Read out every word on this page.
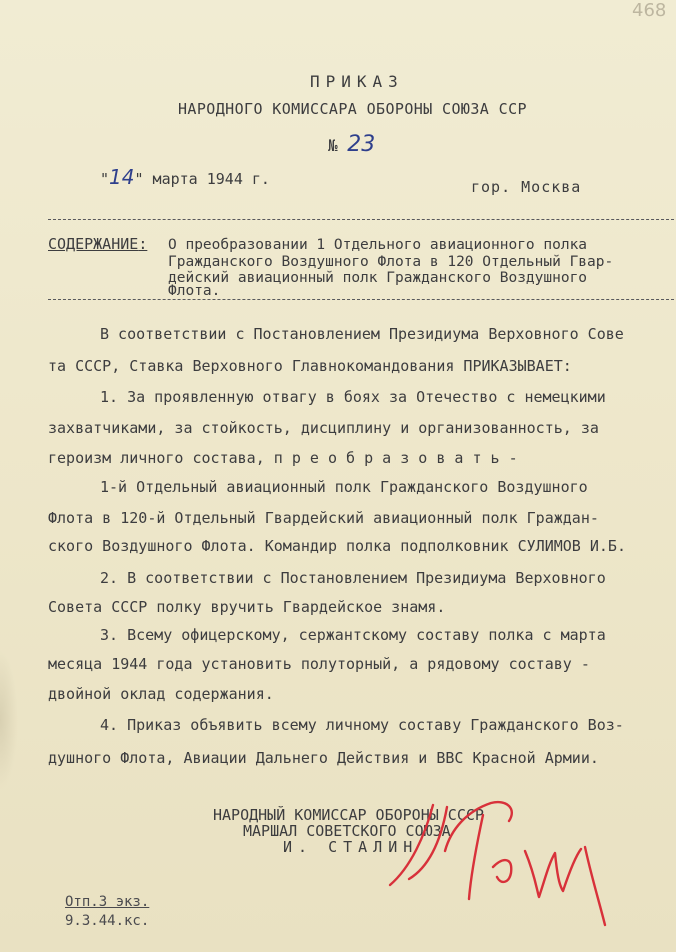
468
ПРИКАЗ
НАРОДНОГО КОМИССАРА ОБОРОНЫ СОЮЗА ССР
№ 23
"14" марта 1944 г.	гор. Москва
СОДЕРЖАНИЕ: О преобразовании 1 Отдельного авиационного полка
Гражданского Воздушного Флота в 120 Отдельный Гвар-
дейский авиационный полк Гражданского Воздушного
Флота.
В соответствии с Постановлением Президиума Верховного Сове
та СССР, Ставка Верховного Главнокомандования ПРИКАЗЫВАЕТ:
1. За проявленную отвагу в боях за Отечество с немецкими
захватчиками, за стойкость, дисциплину и организованность, за
героизм личного состава, п р е о б р а з о в а т ь -
1-й Отдельный авиационный полк Гражданского Воздушного
Флота в 120-й Отдельный Гвардейский авиационный полк Граждан-
ского Воздушного Флота. Командир полка подполковник СУЛИМОВ И.Б.
2. В соответствии с Постановлением Президиума Верховного
Совета СССР полку вручить Гвардейское знамя.
3. Всему офицерскому, сержантскому составу полка с марта
месяца 1944 года установить полуторный, а рядовому составу -
двойной оклад содержания.
4. Приказ объявить всему личному составу Гражданского Воз-
душного Флота, Авиации Дальнего Действия и ВВС Красной Армии.
НАРОДНЫЙ КОМИССАР ОБОРОНЫ СССР
МАРШАЛ СОВЕТСКОГО СОЮЗА
И. СТАЛИН
Отп.3 экз.
9.3.44.кс.
